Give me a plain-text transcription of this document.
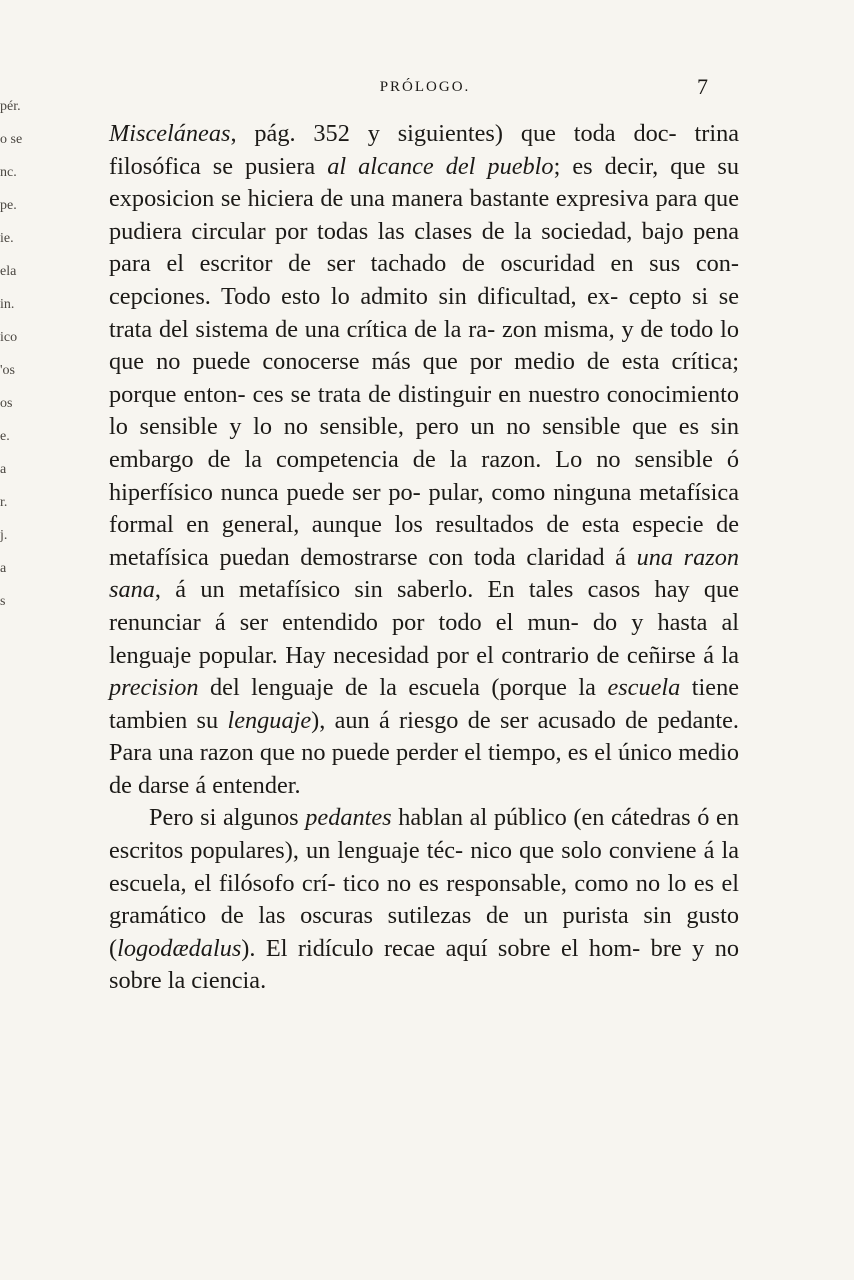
pér.
o se
nc.
pe.
ie.
ela
in.
ico
'os
os
e.
a
r.
j.
a
s
PRÓLOGO.	7

Misceláneas, pág. 352 y siguientes) que toda doc- trina filosófica se pusiera al alcance del pueblo; es decir, que su exposicion se hiciera de una manera bastante expresiva para que pudiera circular por todas las clases de la sociedad, bajo pena para el escritor de ser tachado de oscuridad en sus con- cepciones. Todo esto lo admito sin dificultad, ex- cepto si se trata del sistema de una crítica de la ra- zon misma, y de todo lo que no puede conocerse más que por medio de esta crítica; porque enton- ces se trata de distinguir en nuestro conocimiento lo sensible y lo no sensible, pero un no sensible que es sin embargo de la competencia de la razon. Lo no sensible ó hiperfísico nunca puede ser po- pular, como ninguna metafísica formal en general, aunque los resultados de esta especie de metafísica puedan demostrarse con toda claridad á una razon sana, á un metafísico sin saberlo. En tales casos hay que renunciar á ser entendido por todo el mun- do y hasta al lenguaje popular. Hay necesidad por el contrario de ceñirse á la precision del lenguaje de la escuela (porque la escuela tiene tambien su lenguaje), aun á riesgo de ser acusado de pedante. Para una razon que no puede perder el tiempo, es el único medio de darse á entender.

Pero si algunos pedantes hablan al público (en cátedras ó en escritos populares), un lenguaje téc- nico que solo conviene á la escuela, el filósofo crí- tico no es responsable, como no lo es el gramático de las oscuras sutilezas de un purista sin gusto (logodædalus). El ridículo recae aquí sobre el hom- bre y no sobre la ciencia.
